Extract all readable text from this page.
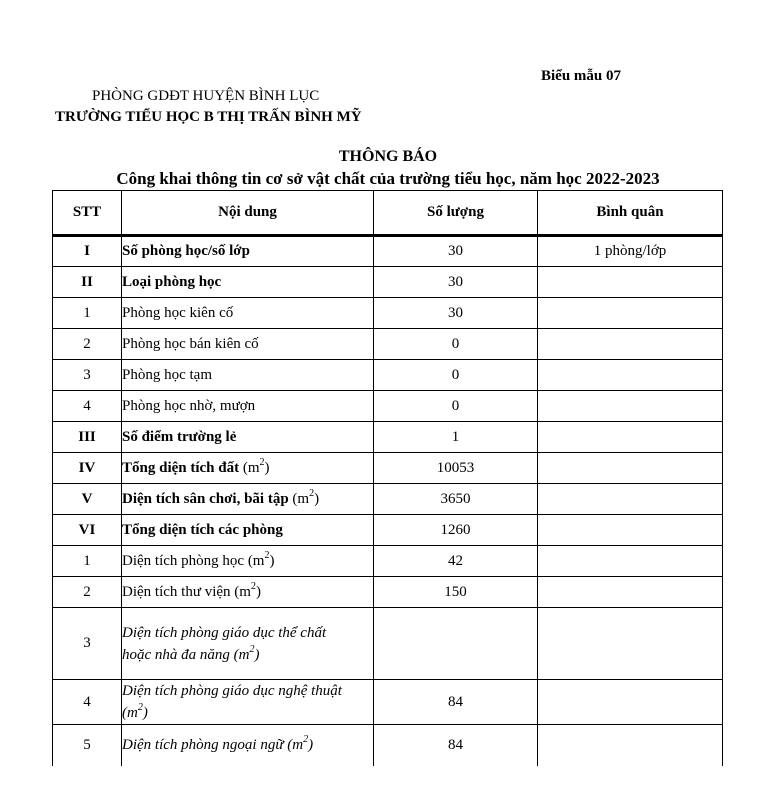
Biểu mẫu 07
PHÒNG GDĐT HUYỆN BÌNH LỤC
TRƯỜNG TIỂU HỌC B THỊ TRẤN BÌNH MỸ
THÔNG BÁO
Công khai thông tin cơ sở vật chất của trường tiểu học, năm học 2022-2023
STT	Nội dung	Số lượng	Bình quân
I	Số phòng học/số lớp	30	1 phòng/lớp
II	Loại phòng học	30	
1	Phòng học kiên cố	30	
2	Phòng học bán kiên cố	0	
3	Phòng học tạm	0	
4	Phòng học nhờ, mượn	0	
III	Số điểm trường lẻ	1	
IV	Tổng diện tích đất $(m^2)$	10053	
V	Diện tích sân chơi, bãi tập $(m^2)$	3650	
VI	Tổng diện tích các phòng	1260	
1	Diện tích phòng học $(m^2)$	42	
2	Diện tích thư viện $(m^2)$	150	
3	Diện tích phòng giáo dục thể chất hoặc nhà đa năng $(m^2)$		
4	Diện tích phòng giáo dục nghệ thuật $(m^2)$	84	
5	Diện tích phòng ngoại ngữ $(m^2)$	84	
